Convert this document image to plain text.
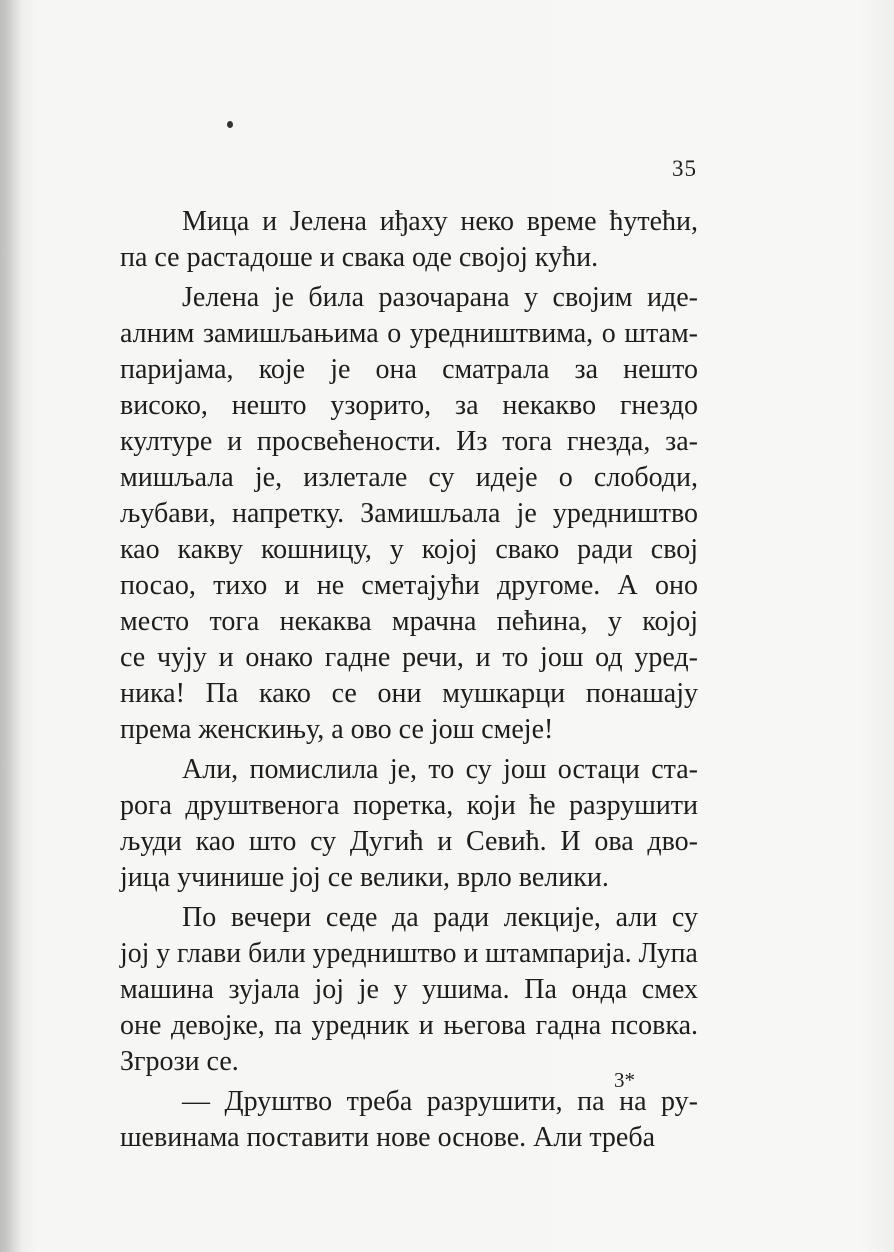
35
Мица и Јелена иђаху неко време ћутећи,
па се растадоше и свака оде својој кући.
Јелена је била разочарана у својим иде-
алним замишљањима о уредништвима, о штам-
паријама, које је она сматрала за нешто
високо, нешто узорито, за некакво гнездо
културе и просвећености. Из тога гнезда, за-
мишљала је, излетале су идеје о слободи,
љубави, напретку. Замишљала је уредништво
као какву кошницу, у којој свако ради свој
посао, тихо и не сметајући другоме. А оно
место тога некаква мрачна пећина, у којој
се чују и онако гадне речи, и то још од уред-
ника! Па како се они мушкарци понашају
према женскињу, а ово се још смеје!
Али, помислила је, то су још остаци ста-
рога друштвенога поретка, који ће разрушити
људи као што су Дугић и Севић. И ова дво-
јица учинише јој се велики, врло велики.
По вечери седе да ради лекције, али су
јој у глави били уредништво и штампарија. Лупа
машина зујала јој је у ушима. Па онда смех
оне девојке, па уредник и његова гадна псовка.
Згрози се.
— Друштво треба разрушити, па на ру-
шевинама поставити нове основе. Али треба
3*
